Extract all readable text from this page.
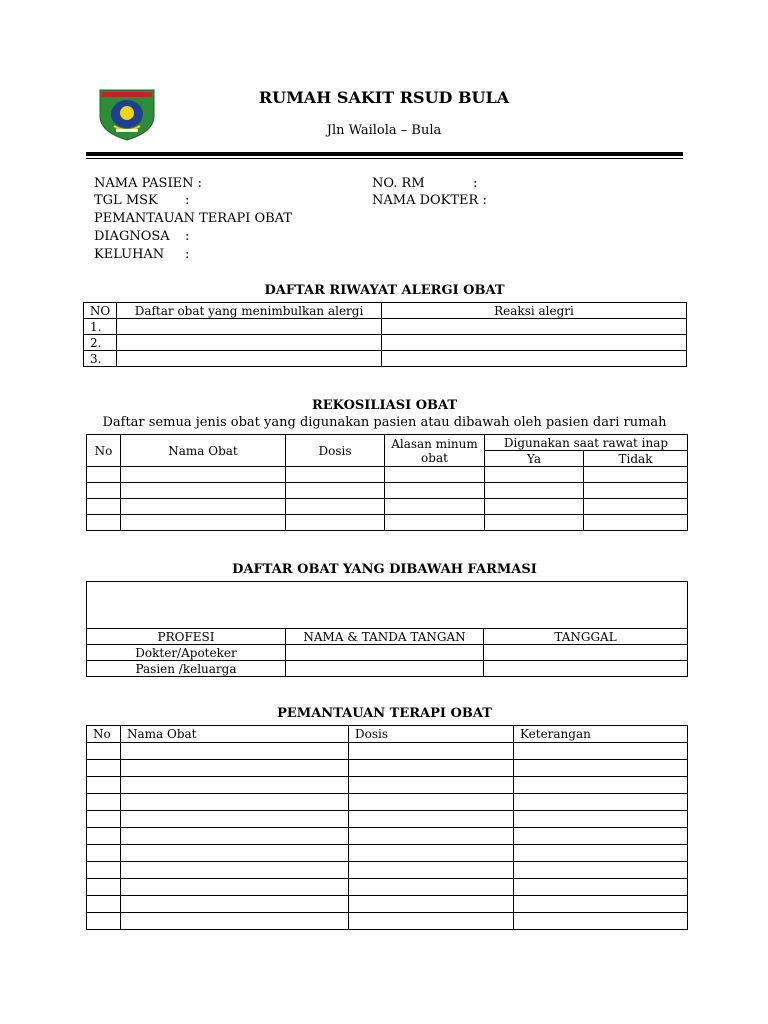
RUMAH SAKIT RSUD BULA
Jln Wailola – Bula
NAMA PASIEN :
TGL MSK :
PEMANTAUAN TERAPI OBAT
DIAGNOSA :
KELUHAN :
NO. RM	:
NAMA DOKTER :
DAFTAR RIWAYAT ALERGI OBAT
NO	Daftar obat yang menimbulkan alergi	Reaksi alegri
1.		
2.		
3.		
REKOSILIASI OBAT
Daftar semua jenis obat yang digunakan pasien atau dibawah oleh pasien dari rumah
No	Nama Obat	Dosis	Alasan minum obat	Digunakan saat rawat inap	
				Ya	Tidak

DAFTAR OBAT YANG DIBAWAH FARMASI

PROFESI	NAMA & TANDA TANGAN	TANGGAL
Dokter/Apoteker		
Pasien /keluarga		
PEMANTAUAN TERAPI OBAT
No	Nama Obat	Dosis	Keterangan
